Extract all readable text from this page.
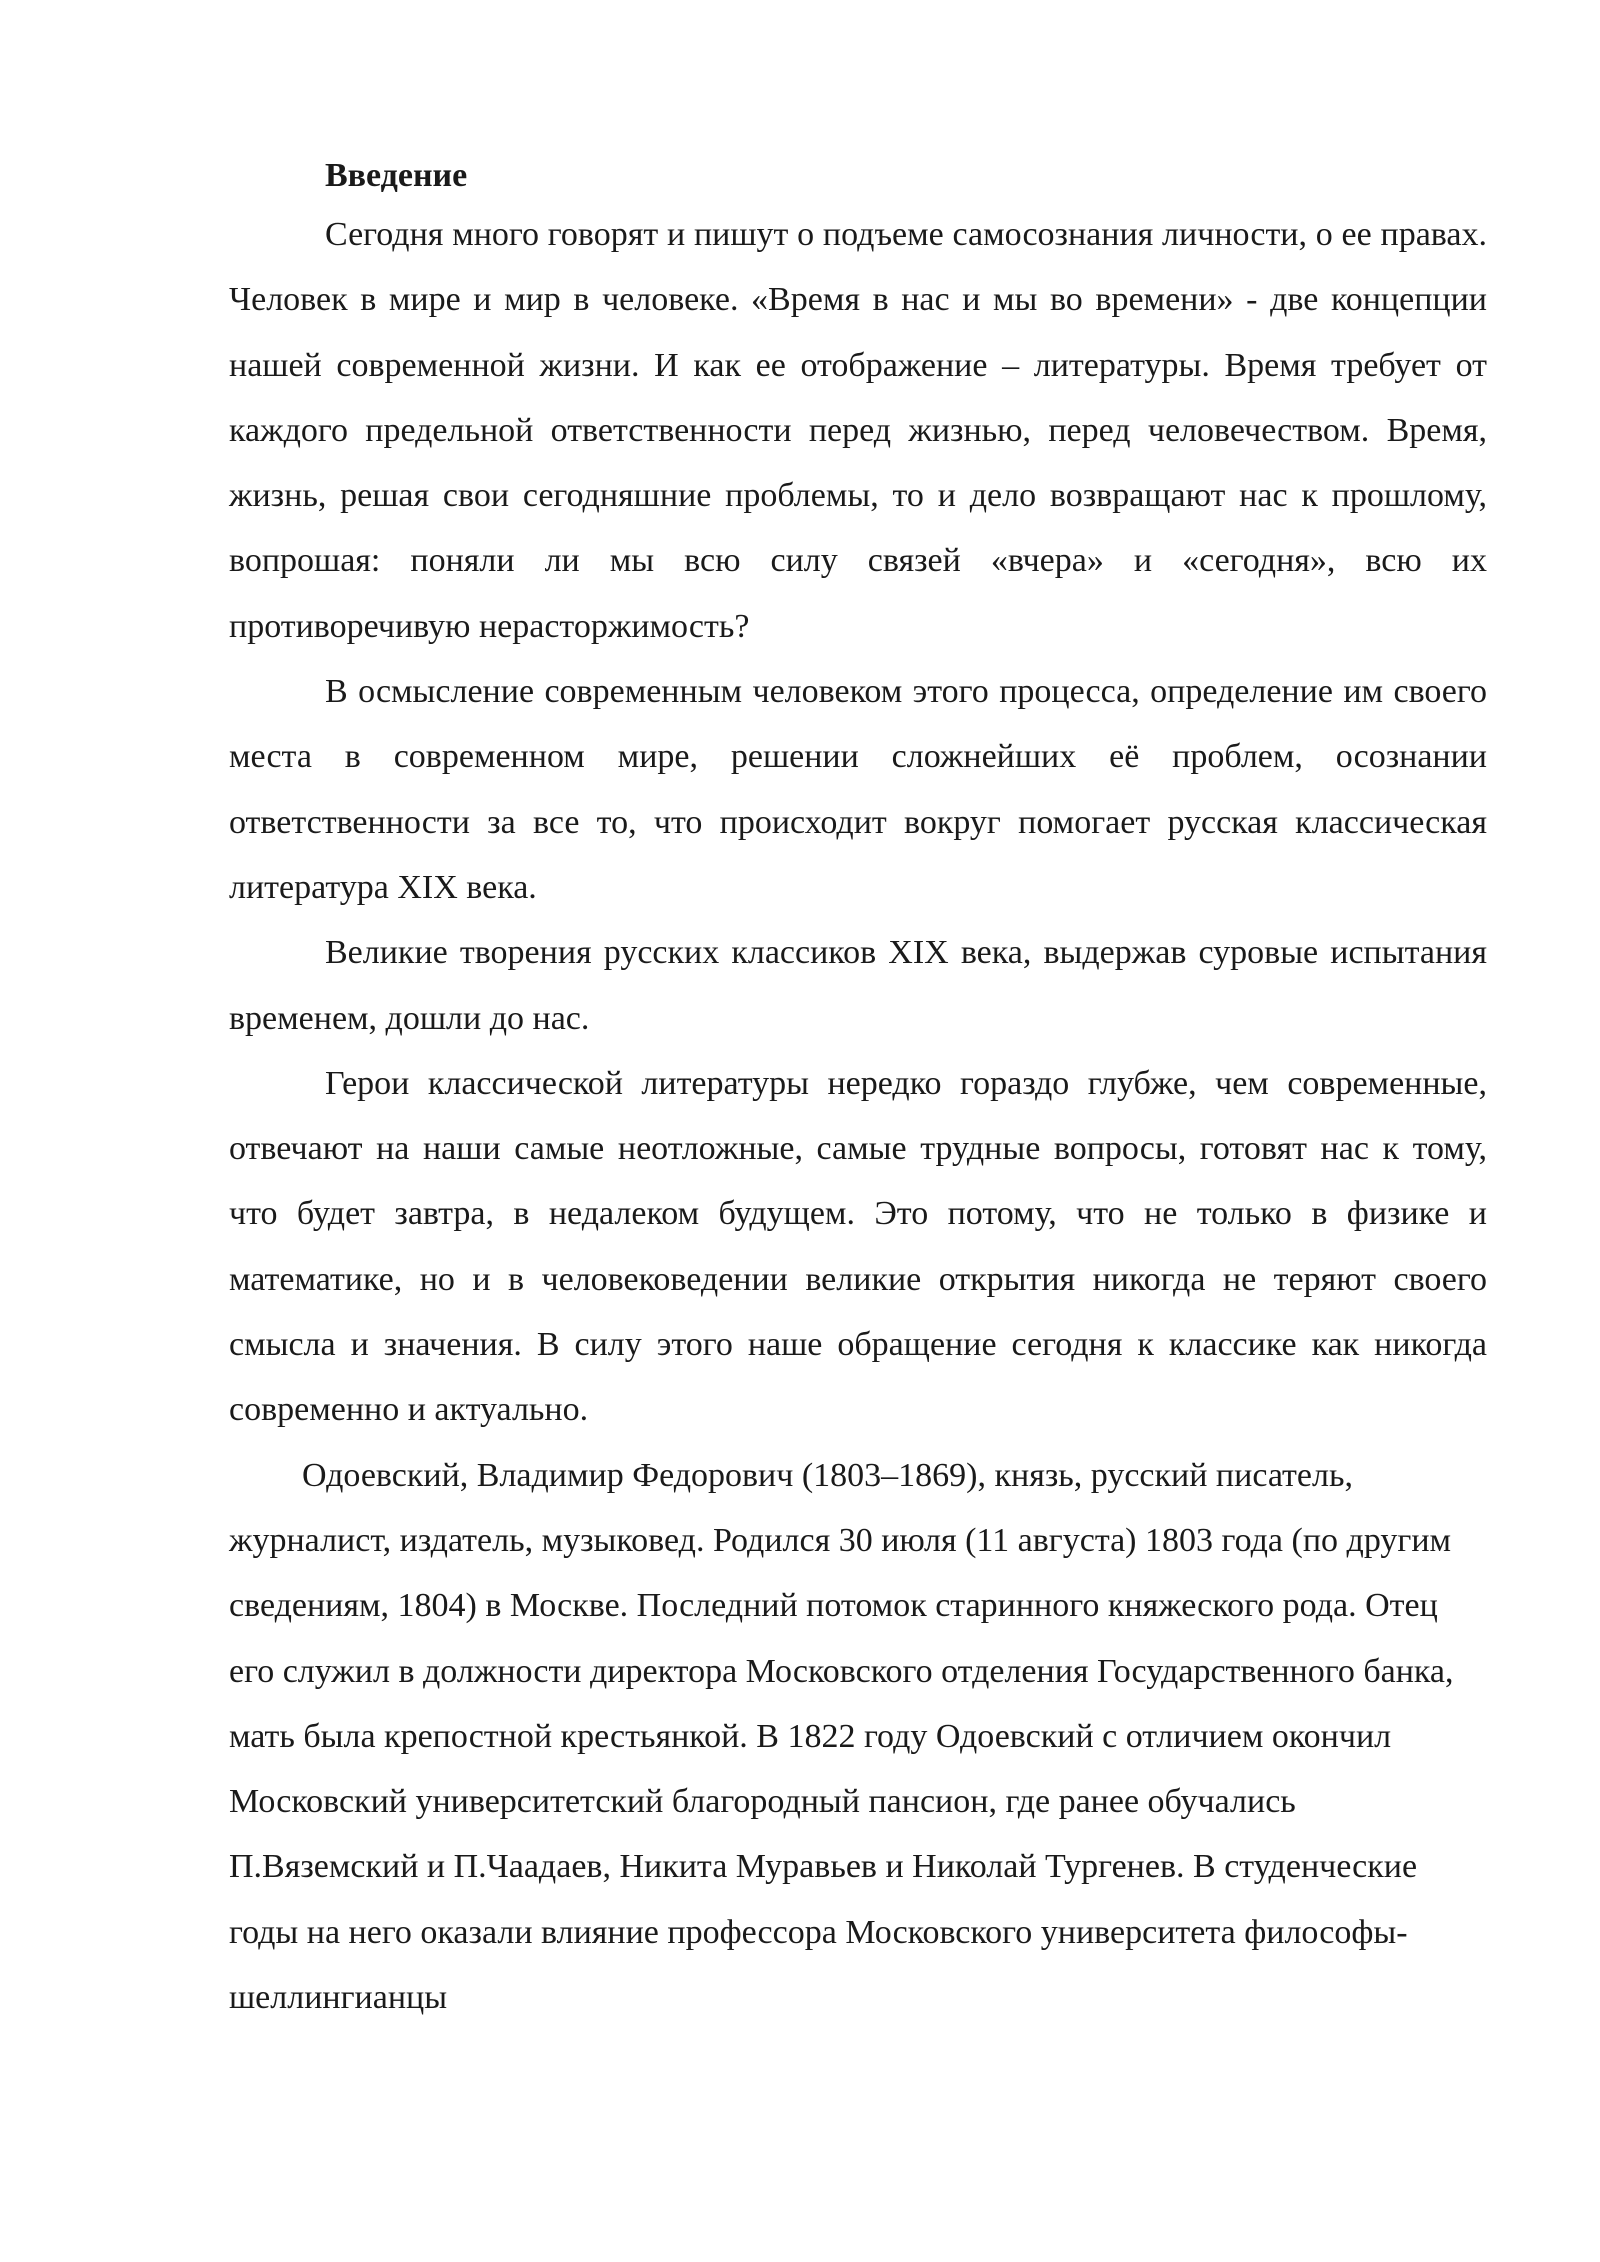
Введение

Сегодня много говорят и пишут о подъеме самосознания личности, о ее правах. Человек в мире и мир в человеке. «Время в нас и мы во времени» - две концепции нашей современной жизни. И как ее отображение – литературы. Время требует от каждого предельной ответственности перед жизнью, перед человечеством. Время, жизнь, решая свои сегодняшние проблемы, то и дело возвращают нас к прошлому, вопрошая: поняли ли мы всю силу связей «вчера» и «сегодня», всю их противоречивую нерасторжимость?

В осмысление современным человеком этого процесса, определение им своего места в современном мире, решении сложнейших её проблем, осознании ответственности за все то, что происходит вокруг помогает русская классическая литература XIX века.

Великие творения русских классиков XIX века, выдержав суровые испытания временем, дошли до нас.

Герои классической литературы нередко гораздо глубже, чем современные, отвечают на наши самые неотложные, самые трудные вопросы, готовят нас к тому, что будет завтра, в недалеком будущем. Это потому, что не только в физике и математике, но и в человековедении великие открытия никогда не теряют своего смысла и значения. В силу этого наше обращение сегодня к классике как никогда современно и актуально.

Одоевский, Владимир Федорович (1803–1869), князь, русский писатель, журналист, издатель, музыковед. Родился 30 июля (11 августа) 1803 года (по другим сведениям, 1804) в Москве. Последний потомок старинного княжеского рода. Отец его служил в должности директора Московского отделения Государственного банка, мать была крепостной крестьянкой. В 1822 году Одоевский с отличием окончил Московский университетский благородный пансион, где ранее обучались П.Вяземский и П.Чаадаев, Никита Муравьев и Николай Тургенев. В студенческие годы на него оказали влияние профессора Московского университета философы-шеллингианцы
